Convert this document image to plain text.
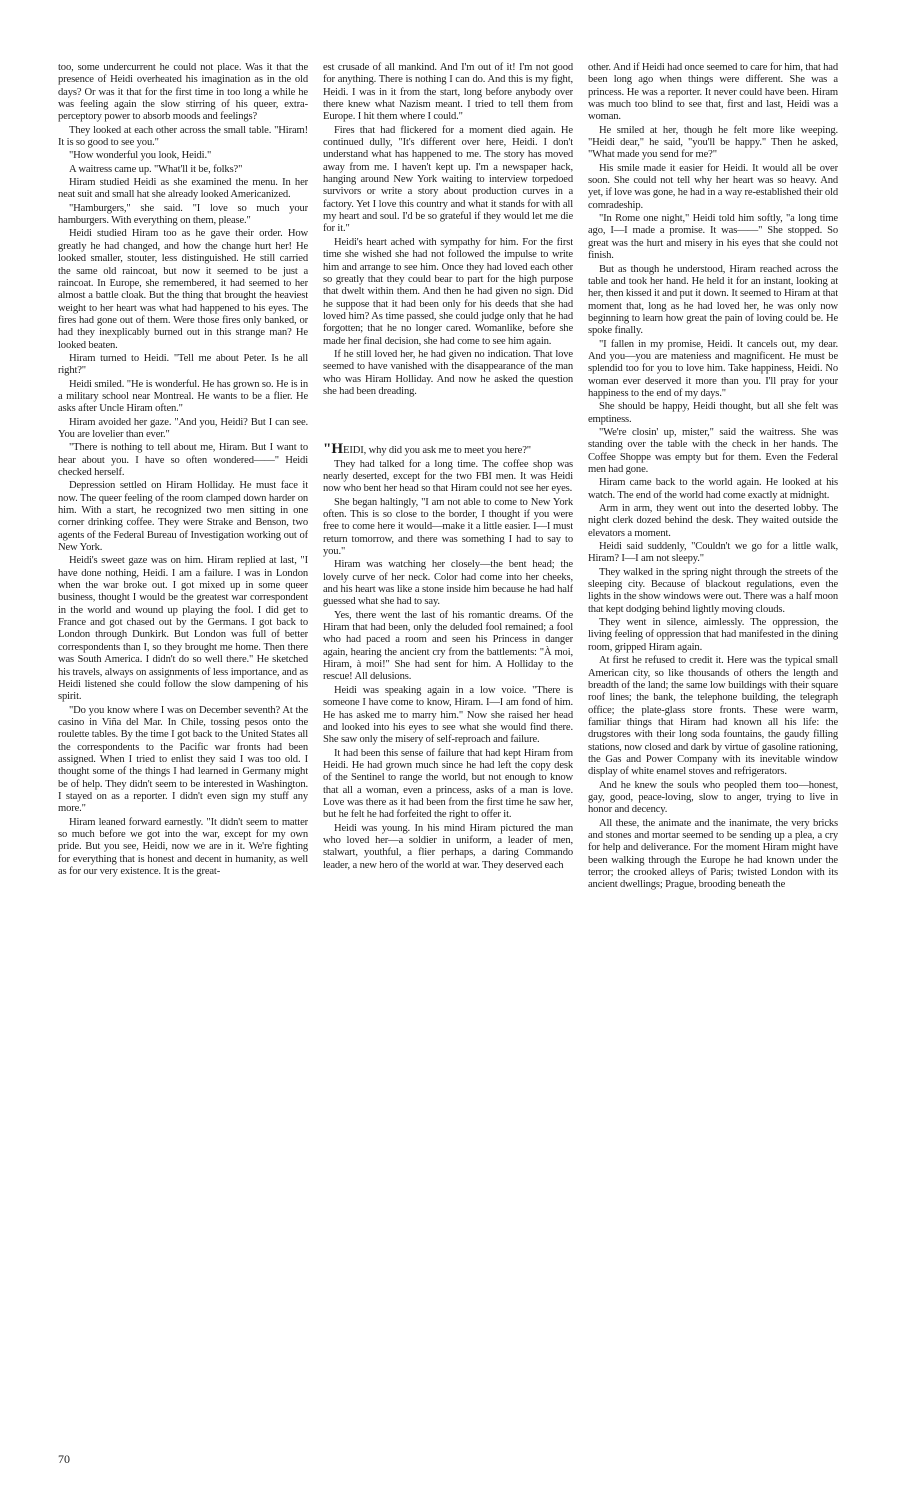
too, some undercurrent he could not place. Was it that the presence of Heidi overheated his imagination as in the old days? Or was it that for the first time in too long a while he was feeling again the slow stirring of his queer, extra-perceptory power to absorb moods and feelings?

They looked at each other across the small table. "Hiram! It is so good to see you."

"How wonderful you look, Heidi."

A waitress came up. "What'll it be, folks?"

Hiram studied Heidi as she examined the menu. In her neat suit and small hat she already looked Americanized.

"Hamburgers," she said. "I love so much your hamburgers. With everything on them, please."

Heidi studied Hiram too as he gave their order. How greatly he had changed, and how the change hurt her! He looked smaller, stouter, less distinguished. He still carried the same old raincoat, but now it seemed to be just a raincoat. In Europe, she remembered, it had seemed to her almost a battle cloak. But the thing that brought the heaviest weight to her heart was what had happened to his eyes. The fires had gone out of them. Were those fires only banked, or had they inexplicably burned out in this strange man? He looked beaten.

Hiram turned to Heidi. "Tell me about Peter. Is he all right?"

Heidi smiled. "He is wonderful. He has grown so. He is in a military school near Montreal. He wants to be a flier. He asks after Uncle Hiram often."

Hiram avoided her gaze. "And you, Heidi? But I can see. You are lovelier than ever."

"There is nothing to tell about me, Hiram. But I want to hear about you. I have so often wondered——" Heidi checked herself.

Depression settled on Hiram Holliday. He must face it now. The queer feeling of the room clamped down harder on him. With a start, he recognized two men sitting in one corner drinking coffee. They were Strake and Benson, two agents of the Federal Bureau of Investigation working out of New York.

Heidi's sweet gaze was on him. Hiram replied at last, "I have done nothing, Heidi. I am a failure. I was in London when the war broke out. I got mixed up in some queer business, thought I would be the greatest war correspondent in the world and wound up playing the fool. I did get to France and got chased out by the Germans. I got back to London through Dunkirk. But London was full of better correspondents than I, so they brought me home. Then there was South America. I didn't do so well there." He sketched his travels, always on assignments of less importance, and as Heidi listened she could follow the slow dampening of his spirit.

"Do you know where I was on December seventh? At the casino in Viña del Mar. In Chile, tossing pesos onto the roulette tables. By the time I got back to the United States all the correspondents to the Pacific war fronts had been assigned. When I tried to enlist they said I was too old. I thought some of the things I had learned in Germany might be of help. They didn't seem to be interested in Washington. I stayed on as a reporter. I didn't even sign my stuff any more."

Hiram leaned forward earnestly. "It didn't seem to matter so much before we got into the war, except for my own pride. But you see, Heidi, now we are in it. We're fighting for everything that is honest and decent in humanity, as well as for our very existence. It is the great-

est crusade of all mankind. And I'm out of it! I'm not good for anything. There is nothing I can do. And this is my fight, Heidi. I was in it from the start, long before anybody over there knew what Nazism meant. I tried to tell them from Europe. I hit them where I could."

Fires that had flickered for a moment died again. He continued dully, "It's different over here, Heidi. I don't understand what has happened to me. The story has moved away from me. I haven't kept up. I'm a newspaper hack, hanging around New York waiting to interview torpedoed survivors or write a story about production curves in a factory. Yet I love this country and what it stands for with all my heart and soul. I'd be so grateful if they would let me die for it."

Heidi's heart ached with sympathy for him. For the first time she wished she had not followed the impulse to write him and arrange to see him. Once they had loved each other so greatly that they could bear to part for the high purpose that dwelt within them. And then he had given no sign. Did he suppose that it had been only for his deeds that she had loved him? As time passed, she could judge only that he had forgotten; that he no longer cared. Womanlike, before she made her final decision, she had come to see him again.

If he still loved her, he had given no indication. That love seemed to have vanished with the disappearance of the man who was Hiram Holliday. And now he asked the question she had been dreading.

"HEIDI, why did you ask me to meet you here?"

They had talked for a long time. The coffee shop was nearly deserted, except for the two FBI men. It was Heidi now who bent her head so that Hiram could not see her eyes.

She began haltingly, "I am not able to come to New York often. This is so close to the border, I thought if you were free to come here it would—make it a little easier. I—I must return tomorrow, and there was something I had to say to you."

Hiram was watching her closely—the bent head; the lovely curve of her neck. Color had come into her cheeks, and his heart was like a stone inside him because he had half guessed what she had to say.

Yes, there went the last of his romantic dreams. Of the Hiram that had been, only the deluded fool remained; a fool who had paced a room and seen his Princess in danger again, hearing the ancient cry from the battlements: "À moi, Hiram, à moi!" She had sent for him. A Holliday to the rescue! All delusions.

Heidi was speaking again in a low voice. "There is someone I have come to know, Hiram. I—I am fond of him. He has asked me to marry him." Now she raised her head and looked into his eyes to see what she would find there. She saw only the misery of self-reproach and failure.

It had been this sense of failure that had kept Hiram from Heidi. He had grown much since he had left the copy desk of the Sentinel to range the world, but not enough to know that all a woman, even a princess, asks of a man is love. Love was there as it had been from the first time he saw her, but he felt he had forfeited the right to offer it.

Heidi was young. In his mind Hiram pictured the man who loved her—a soldier in uniform, a leader of men, stalwart, youthful, a flier perhaps, a daring Commando leader, a new hero of the world at war. They deserved each

other. And if Heidi had once seemed to care for him, that had been long ago when things were different. She was a princess. He was a reporter. It never could have been. Hiram was much too blind to see that, first and last, Heidi was a woman.

He smiled at her, though he felt more like weeping. "Heidi dear," he said, "you'll be happy." Then he asked, "What made you send for me?"

His smile made it easier for Heidi. It would all be over soon. She could not tell why her heart was so heavy. And yet, if love was gone, he had in a way re-established their old comradeship.

"In Rome one night," Heidi told him softly, "a long time ago, I—I made a promise. It was——" She stopped. So great was the hurt and misery in his eyes that she could not finish.

But as though he understood, Hiram reached across the table and took her hand. He held it for an instant, looking at her, then kissed it and put it down. It seemed to Hiram at that moment that, long as he had loved her, he was only now beginning to learn how great the pain of loving could be. He spoke finally.

"I fallen in my promise, Heidi. It cancels out, my dear. And you—you are mateniess and magnificent. He must be splendid too for you to love him. Take happiness, Heidi. No woman ever deserved it more than you. I'll pray for your happiness to the end of my days."

She should be happy, Heidi thought, but all she felt was emptiness.

"We're closin' up, mister," said the waitress. She was standing over the table with the check in her hands. The Coffee Shoppe was empty but for them. Even the Federal men had gone.

Hiram came back to the world again. He looked at his watch. The end of the world had come exactly at midnight.

Arm in arm, they went out into the deserted lobby. The night clerk dozed behind the desk. They waited outside the elevators a moment.

Heidi said suddenly, "Couldn't we go for a little walk, Hiram? I—I am not sleepy."

They walked in the spring night through the streets of the sleeping city. Because of blackout regulations, even the lights in the show windows were out. There was a half moon that kept dodging behind lightly moving clouds.

They went in silence, aimlessly. The oppression, the living feeling of oppression that had manifested in the dining room, gripped Hiram again.

At first he refused to credit it. Here was the typical small American city, so like thousands of others the length and breadth of the land; the same low buildings with their square roof lines; the bank, the telephone building, the telegraph office; the plate-glass store fronts. These were warm, familiar things that Hiram had known all his life: the drugstores with their long soda fountains, the gaudy filling stations, now closed and dark by virtue of gasoline rationing, the Gas and Power Company with its inevitable window display of white enamel stoves and refrigerators.

And he knew the souls who peopled them too—honest, gay, good, peace-loving, slow to anger, trying to live in honor and decency.

All these, the animate and the inanimate, the very bricks and stones and mortar seemed to be sending up a plea, a cry for help and deliverance. For the moment Hiram might have been walking through the Europe he had known under the terror; the crooked alleys of Paris; twisted London with its ancient dwellings; Prague, brooding beneath the

70
